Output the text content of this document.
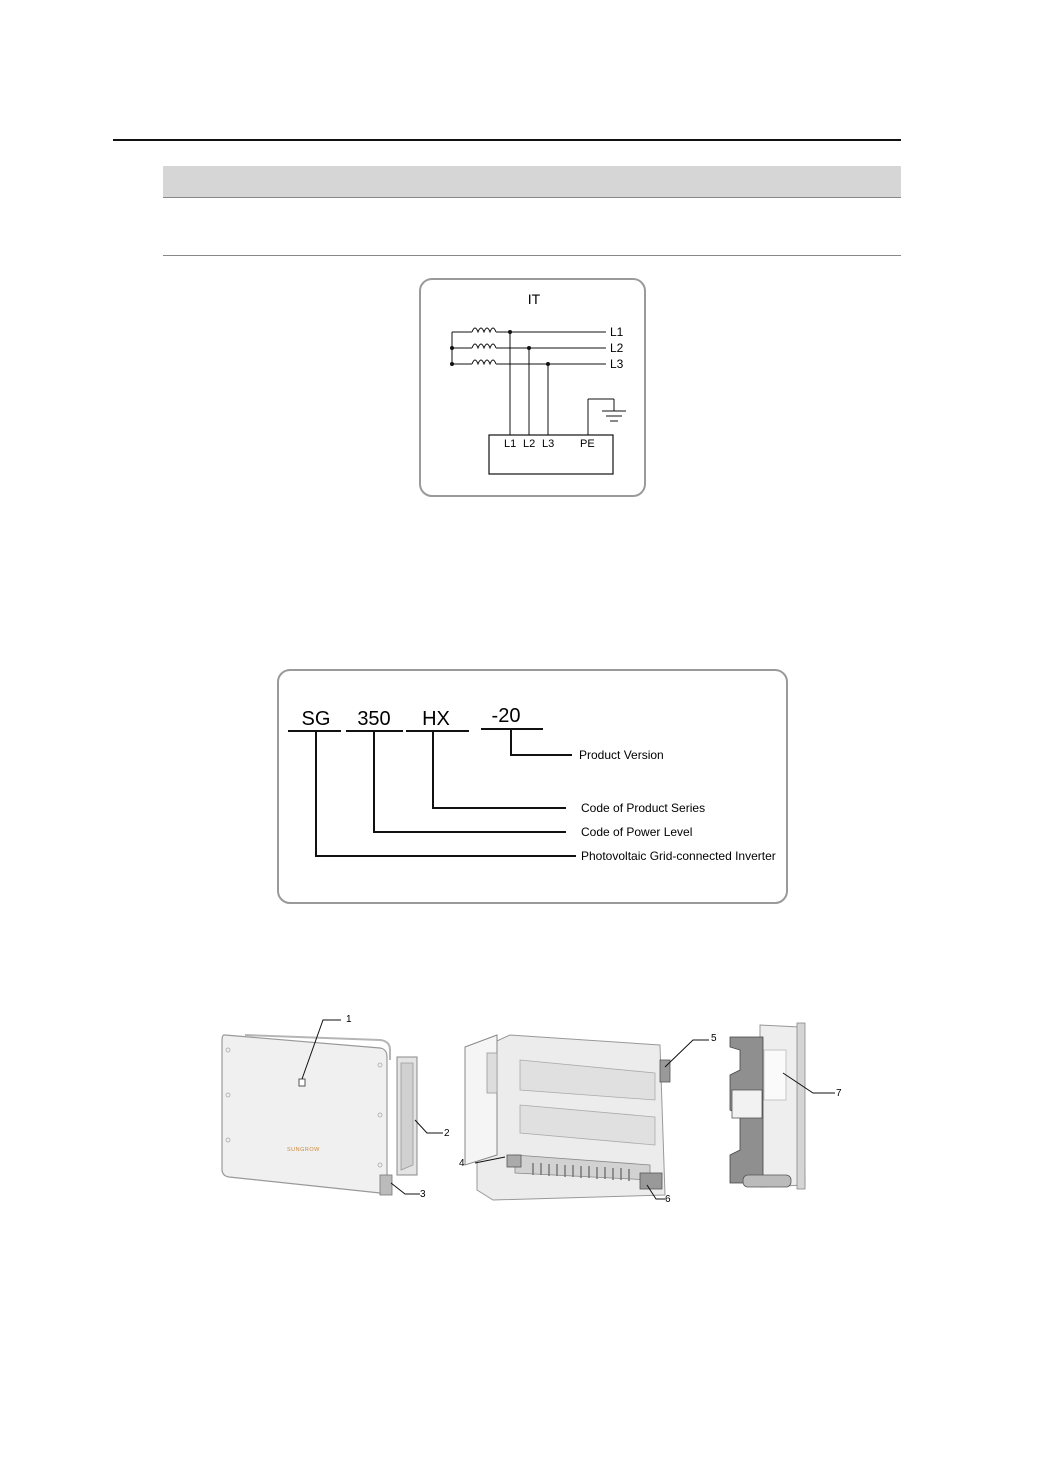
IT
L1
L2
L3
L1 L2 L3 PE
SG 350 HX -20
Product Version
Code of Product Series
Code of Power Level
Photovoltaic Grid-connected Inverter
SUNGROW
1
2
3
4
5
6
7
